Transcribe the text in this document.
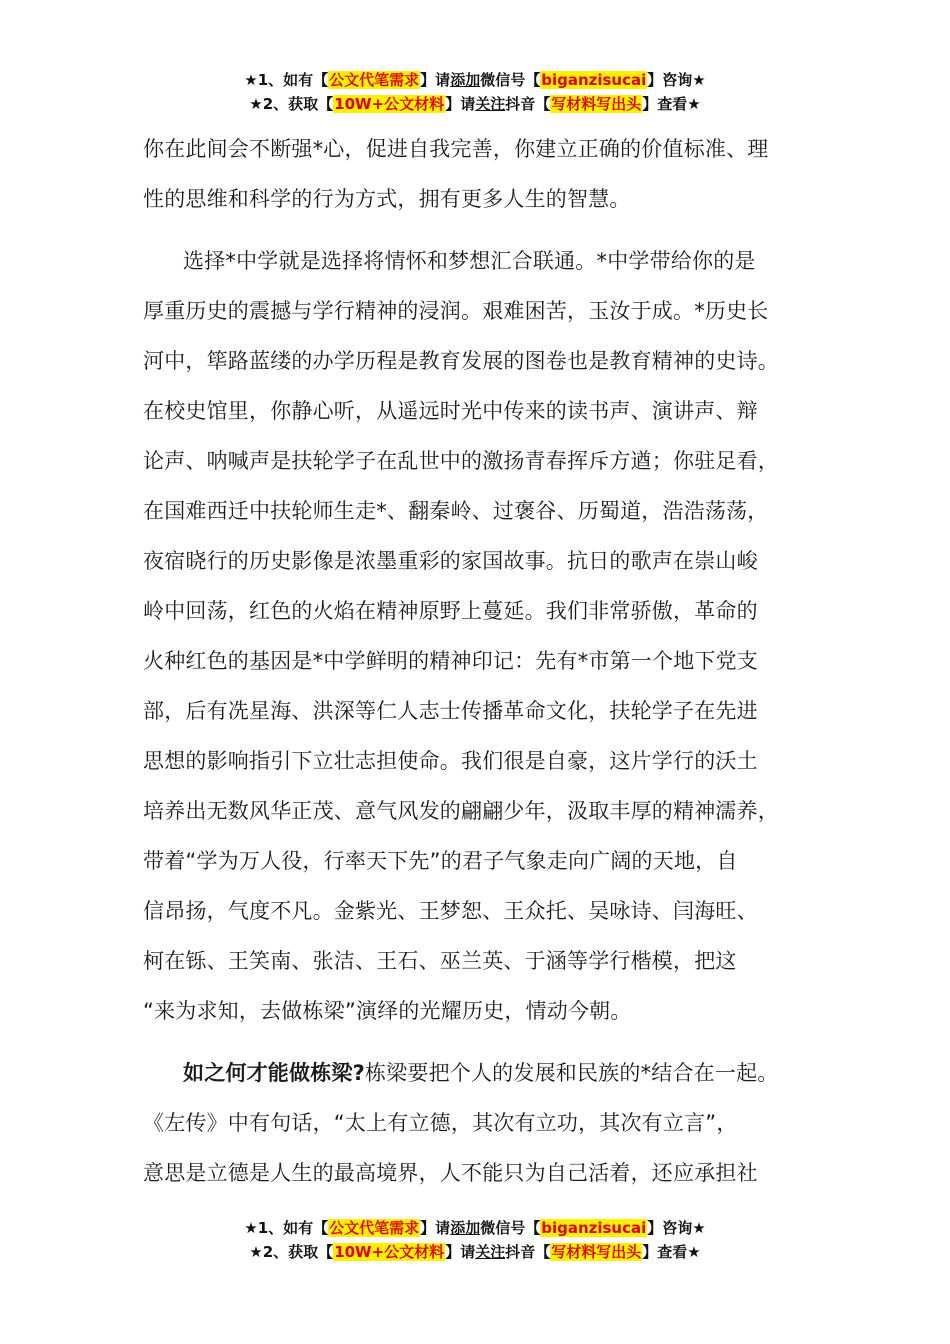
★1、如有【公文代笔需求】请添加微信号【biganzisucai】咨询★
★2、获取【10W+公文材料】请关注抖音【写材料写出头】查看★
你在此间会不断强*心，促进自我完善，你建立正确的价值标准、理
性的思维和科学的行为方式，拥有更多人生的智慧。
选择*中学就是选择将情怀和梦想汇合联通。*中学带给你的是
厚重历史的震撼与学行精神的浸润。艰难困苦，玉汝于成。*历史长
河中，筚路蓝缕的办学历程是教育发展的图卷也是教育精神的史诗。
在校史馆里，你静心听，从遥远时光中传来的读书声、演讲声、辩
论声、呐喊声是扶轮学子在乱世中的激扬青春挥斥方遒；你驻足看，
在国难西迁中扶轮师生走*、翻秦岭、过褒谷、历蜀道，浩浩荡荡，
夜宿晓行的历史影像是浓墨重彩的家国故事。抗日的歌声在崇山峻
岭中回荡，红色的火焰在精神原野上蔓延。我们非常骄傲，革命的
火种红色的基因是*中学鲜明的精神印记：先有*市第一个地下党支
部，后有冼星海、洪深等仁人志士传播革命文化，扶轮学子在先进
思想的影响指引下立壮志担使命。我们很是自豪，这片学行的沃土
培养出无数风华正茂、意气风发的翩翩少年，汲取丰厚的精神濡养，
带着“学为万人役，行率天下先”的君子气象走向广阔的天地，自
信昂扬，气度不凡。金紫光、王梦恕、王众托、吴咏诗、闫海旺、
柯在铄、王笑南、张洁、王石、巫兰英、于涵等学行楷模，把这
“来为求知，去做栋梁”演绎的光耀历史，情动今朝。
如之何才能做栋梁?栋梁要把个人的发展和民族的*结合在一起。
《左传》中有句话，“太上有立德，其次有立功，其次有立言”，
意思是立德是人生的最高境界，人不能只为自己活着，还应承担社
★1、如有【公文代笔需求】请添加微信号【biganzisucai】咨询★
★2、获取【10W+公文材料】请关注抖音【写材料写出头】查看★
